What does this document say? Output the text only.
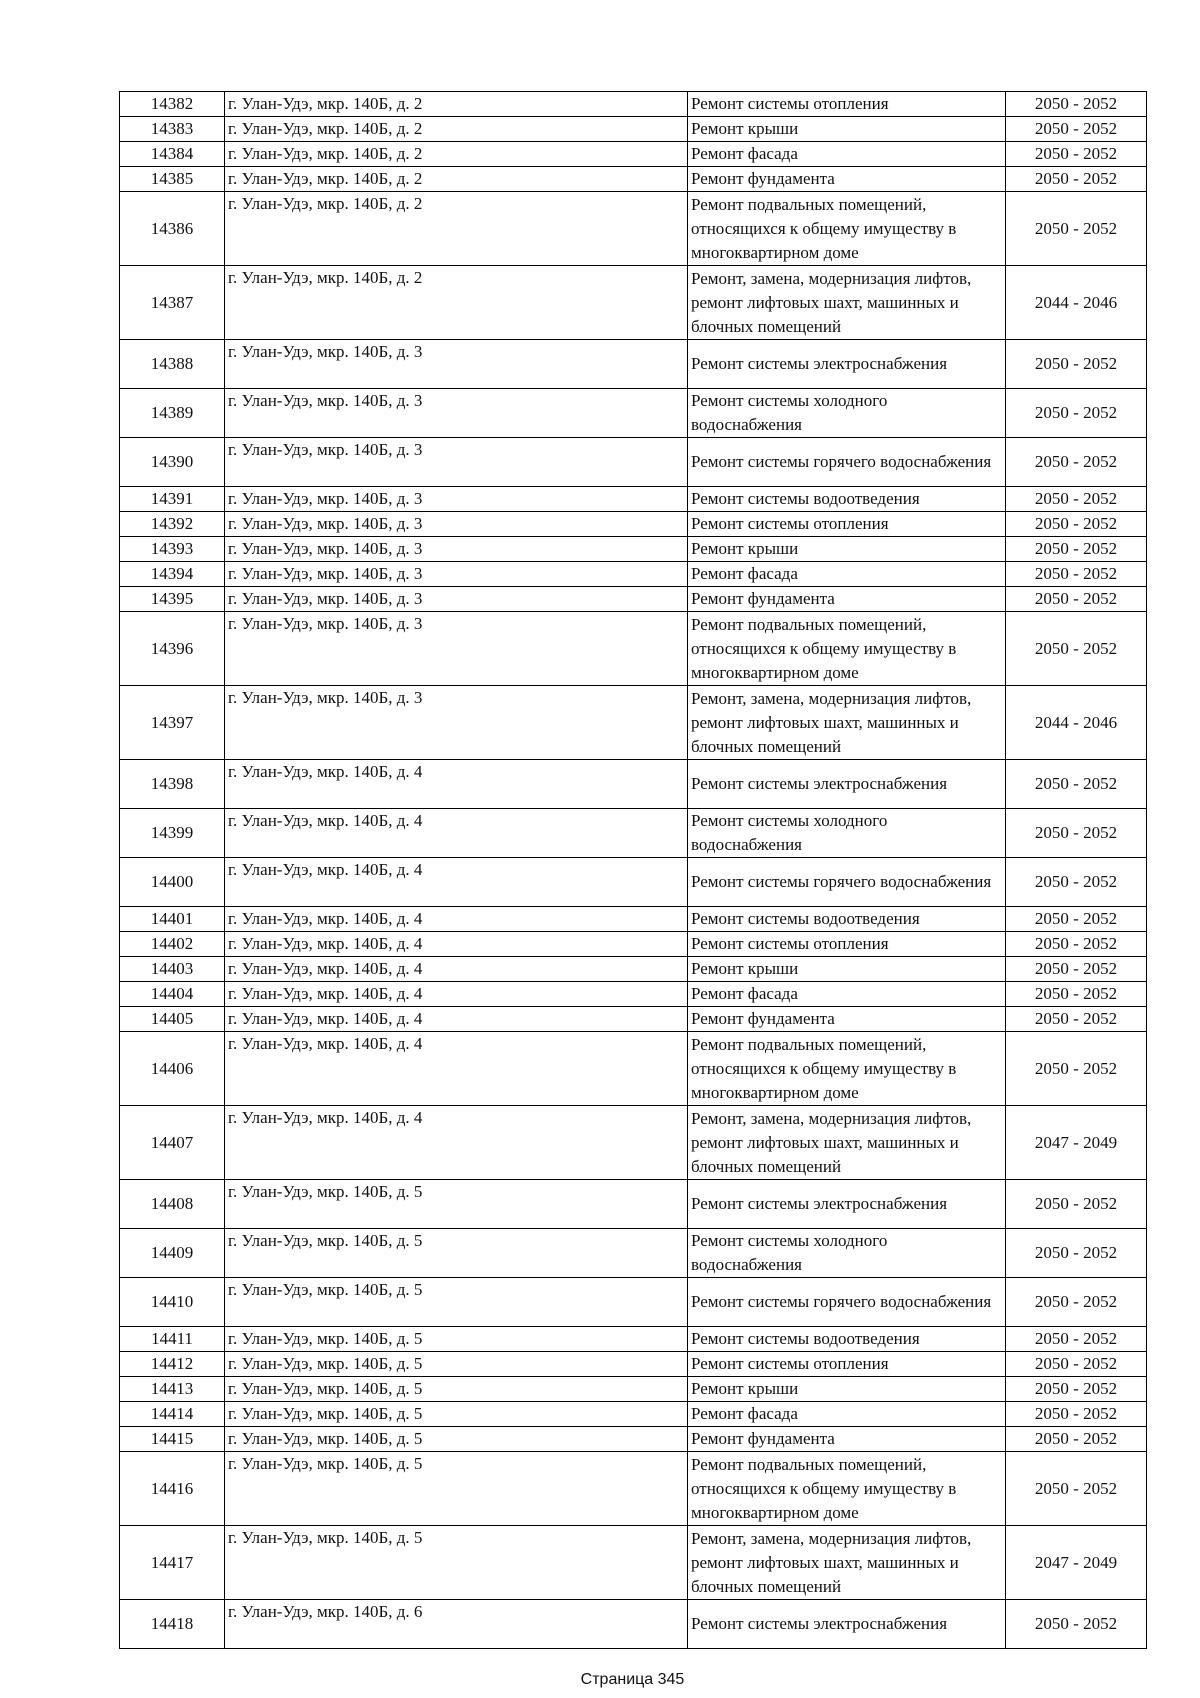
14382	г. Улан-Удэ, мкр. 140Б, д. 2	Ремонт системы отопления	2050 - 2052
14383	г. Улан-Удэ, мкр. 140Б, д. 2	Ремонт крыши	2050 - 2052
14384	г. Улан-Удэ, мкр. 140Б, д. 2	Ремонт фасада	2050 - 2052
14385	г. Улан-Удэ, мкр. 140Б, д. 2	Ремонт фундамента	2050 - 2052
14386	г. Улан-Удэ, мкр. 140Б, д. 2	Ремонт подвальных помещений, относящихся к общему имуществу в многоквартирном доме	2050 - 2052
14387	г. Улан-Удэ, мкр. 140Б, д. 2	Ремонт, замена, модернизация лифтов, ремонт лифтовых шахт, машинных и блочных помещений	2044 - 2046
14388	г. Улан-Удэ, мкр. 140Б, д. 3	Ремонт системы электроснабжения	2050 - 2052
14389	г. Улан-Удэ, мкр. 140Б, д. 3	Ремонт системы холодного водоснабжения	2050 - 2052
14390	г. Улан-Удэ, мкр. 140Б, д. 3	Ремонт системы горячего водоснабжения	2050 - 2052
14391	г. Улан-Удэ, мкр. 140Б, д. 3	Ремонт системы водоотведения	2050 - 2052
14392	г. Улан-Удэ, мкр. 140Б, д. 3	Ремонт системы отопления	2050 - 2052
14393	г. Улан-Удэ, мкр. 140Б, д. 3	Ремонт крыши	2050 - 2052
14394	г. Улан-Удэ, мкр. 140Б, д. 3	Ремонт фасада	2050 - 2052
14395	г. Улан-Удэ, мкр. 140Б, д. 3	Ремонт фундамента	2050 - 2052
14396	г. Улан-Удэ, мкр. 140Б, д. 3	Ремонт подвальных помещений, относящихся к общему имуществу в многоквартирном доме	2050 - 2052
14397	г. Улан-Удэ, мкр. 140Б, д. 3	Ремонт, замена, модернизация лифтов, ремонт лифтовых шахт, машинных и блочных помещений	2044 - 2046
14398	г. Улан-Удэ, мкр. 140Б, д. 4	Ремонт системы электроснабжения	2050 - 2052
14399	г. Улан-Удэ, мкр. 140Б, д. 4	Ремонт системы холодного водоснабжения	2050 - 2052
14400	г. Улан-Удэ, мкр. 140Б, д. 4	Ремонт системы горячего водоснабжения	2050 - 2052
14401	г. Улан-Удэ, мкр. 140Б, д. 4	Ремонт системы водоотведения	2050 - 2052
14402	г. Улан-Удэ, мкр. 140Б, д. 4	Ремонт системы отопления	2050 - 2052
14403	г. Улан-Удэ, мкр. 140Б, д. 4	Ремонт крыши	2050 - 2052
14404	г. Улан-Удэ, мкр. 140Б, д. 4	Ремонт фасада	2050 - 2052
14405	г. Улан-Удэ, мкр. 140Б, д. 4	Ремонт фундамента	2050 - 2052
14406	г. Улан-Удэ, мкр. 140Б, д. 4	Ремонт подвальных помещений, относящихся к общему имуществу в многоквартирном доме	2050 - 2052
14407	г. Улан-Удэ, мкр. 140Б, д. 4	Ремонт, замена, модернизация лифтов, ремонт лифтовых шахт, машинных и блочных помещений	2047 - 2049
14408	г. Улан-Удэ, мкр. 140Б, д. 5	Ремонт системы электроснабжения	2050 - 2052
14409	г. Улан-Удэ, мкр. 140Б, д. 5	Ремонт системы холодного водоснабжения	2050 - 2052
14410	г. Улан-Удэ, мкр. 140Б, д. 5	Ремонт системы горячего водоснабжения	2050 - 2052
14411	г. Улан-Удэ, мкр. 140Б, д. 5	Ремонт системы водоотведения	2050 - 2052
14412	г. Улан-Удэ, мкр. 140Б, д. 5	Ремонт системы отопления	2050 - 2052
14413	г. Улан-Удэ, мкр. 140Б, д. 5	Ремонт крыши	2050 - 2052
14414	г. Улан-Удэ, мкр. 140Б, д. 5	Ремонт фасада	2050 - 2052
14415	г. Улан-Удэ, мкр. 140Б, д. 5	Ремонт фундамента	2050 - 2052
14416	г. Улан-Удэ, мкр. 140Б, д. 5	Ремонт подвальных помещений, относящихся к общему имуществу в многоквартирном доме	2050 - 2052
14417	г. Улан-Удэ, мкр. 140Б, д. 5	Ремонт, замена, модернизация лифтов, ремонт лифтовых шахт, машинных и блочных помещений	2047 - 2049
14418	г. Улан-Удэ, мкр. 140Б, д. 6	Ремонт системы электроснабжения	2050 - 2052
Страница 345
